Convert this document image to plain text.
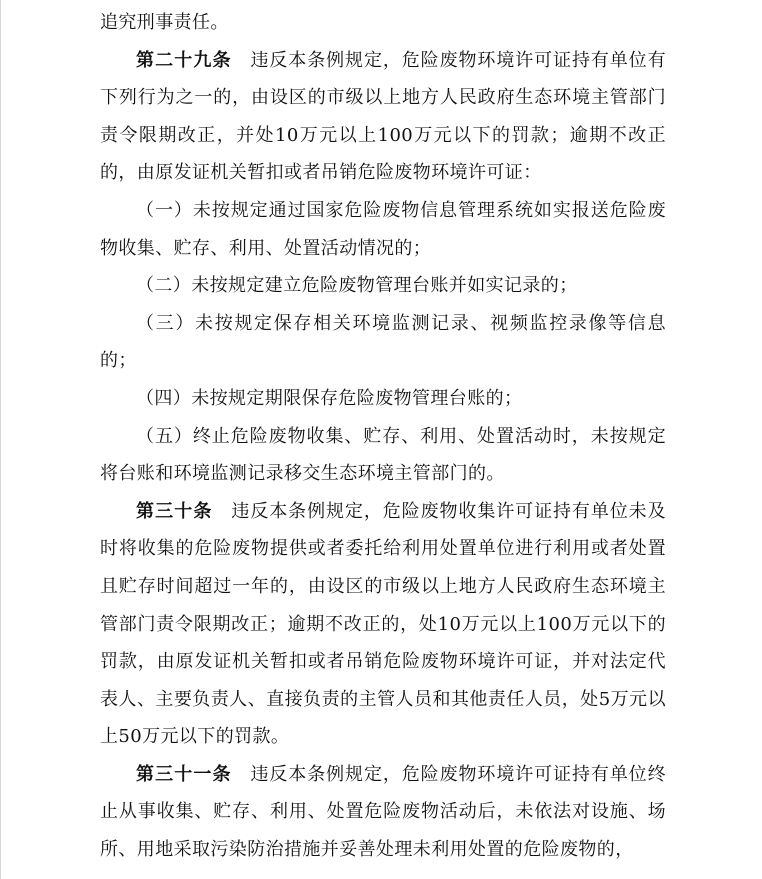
追究刑事责任。

第二十九条  违反本条例规定，危险废物环境许可证持有单位有下列行为之一的，由设区的市级以上地方人民政府生态环境主管部门责令限期改正，并处10万元以上100万元以下的罚款；逾期不改正的，由原发证机关暂扣或者吊销危险废物环境许可证：

（一）未按规定通过国家危险废物信息管理系统如实报送危险废物收集、贮存、利用、处置活动情况的；

（二）未按规定建立危险废物管理台账并如实记录的；

（三）未按规定保存相关环境监测记录、视频监控录像等信息的；

（四）未按规定期限保存危险废物管理台账的；

（五）终止危险废物收集、贮存、利用、处置活动时，未按规定将台账和环境监测记录移交生态环境主管部门的。

第三十条  违反本条例规定，危险废物收集许可证持有单位未及时将收集的危险废物提供或者委托给利用处置单位进行利用或者处置且贮存时间超过一年的，由设区的市级以上地方人民政府生态环境主管部门责令限期改正；逾期不改正的，处10万元以上100万元以下的罚款，由原发证机关暂扣或者吊销危险废物环境许可证，并对法定代表人、主要负责人、直接负责的主管人员和其他责任人员，处5万元以上50万元以下的罚款。

第三十一条  违反本条例规定，危险废物环境许可证持有单位终止从事收集、贮存、利用、处置危险废物活动后，未依法对设施、场所、用地采取污染防治措施并妥善处理未利用处置的危险废物的，
